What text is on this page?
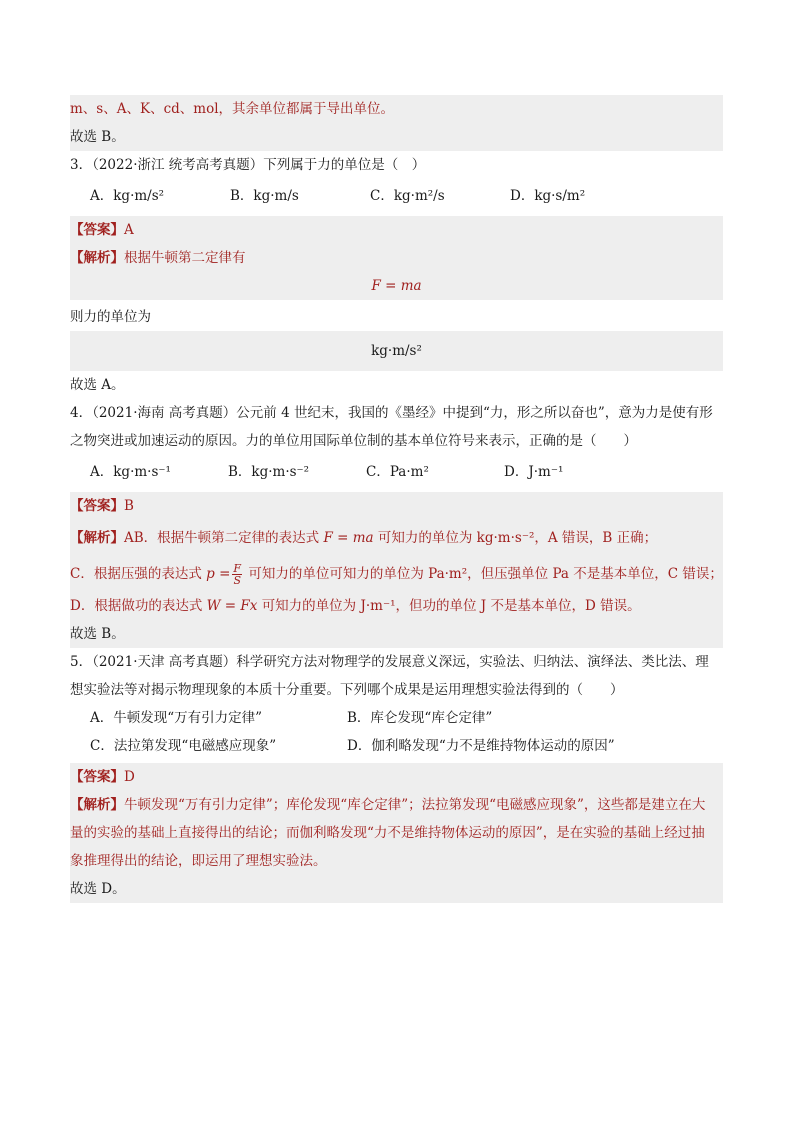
m、s、A、K、cd、mol，其余单位都属于导出单位。
故选 B。
3．（2022·浙江 统考高考真题）下列属于力的单位是（　）
A．kg·m/s²	B．kg·m/s	C．kg·m²/s	D．kg·s/m²
【答案】A
【解析】根据牛顿第二定律有
F = ma
则力的单位为
kg·m/s²
故选 A。
4．（2021·海南 高考真题）公元前 4 世纪末，我国的《墨经》中提到“力，形之所以奋也”，意为力是使有形
之物突进或加速运动的原因。力的单位用国际单位制的基本单位符号来表示，正确的是（　　）
A．kg·m·s⁻¹	B．kg·m·s⁻²	C．Pa·m²	D．J·m⁻¹
【答案】B
【解析】AB．根据牛顿第二定律的表达式 F = ma 可知力的单位为 kg·m·s⁻²，A 错误，B 正确；
C．根据压强的表达式 $p = \frac{F}{S}$ 可知力的单位可知力的单位为 Pa·m²，但压强单位 Pa 不是基本单位，C 错误；
D．根据做功的表达式 W = Fx 可知力的单位为 J·m⁻¹，但功的单位 J 不是基本单位，D 错误。
故选 B。
5．（2021·天津 高考真题）科学研究方法对物理学的发展意义深远，实验法、归纳法、演绎法、类比法、理
想实验法等对揭示物理现象的本质十分重要。下列哪个成果是运用理想实验法得到的（　　）
A．牛顿发现“万有引力定律”	B．库仑发现“库仑定律”
C．法拉第发现“电磁感应现象”	D．伽利略发现“力不是维持物体运动的原因”
【答案】D
【解析】牛顿发现“万有引力定律”；库伦发现“库仑定律”；法拉第发现“电磁感应现象”，这些都是建立在大
量的实验的基础上直接得出的结论；而伽利略发现“力不是维持物体运动的原因”，是在实验的基础上经过抽
象推理得出的结论，即运用了理想实验法。
故选 D。
